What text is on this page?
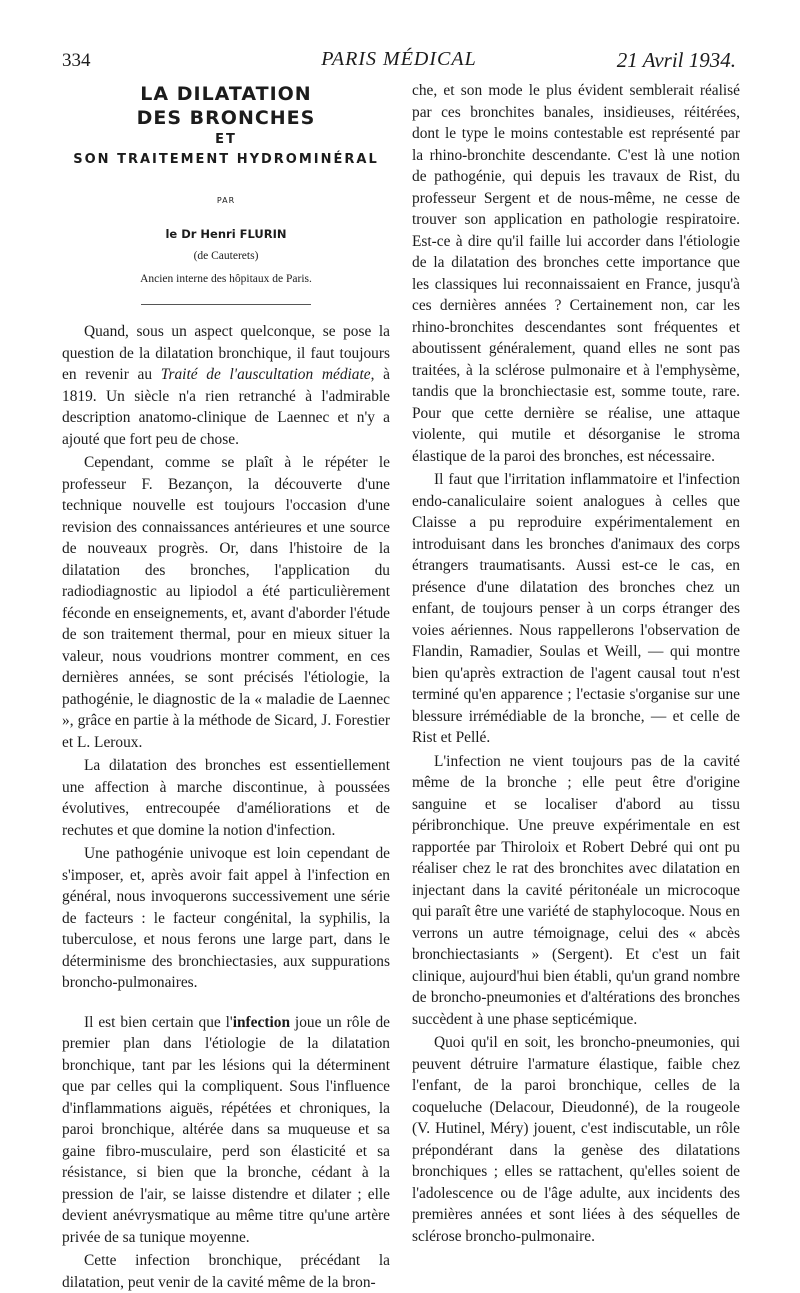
334	PARIS MÉDICAL	21 Avril 1934.
LA DILATATION
DES BRONCHES
ET
SON TRAITEMENT HYDROMINÉRAL
PAR
le Dr Henri FLURIN
(de Cauterets)
Ancien interne des hôpitaux de Paris.

Quand, sous un aspect quelconque, se pose la question de la dilatation bronchique, il faut toujours en revenir au Traité de l'auscultation médiate, à 1819. Un siècle n'a rien retranché à l'admirable description anatomo-clinique de Laennec et n'y a ajouté que fort peu de chose.

Cependant, comme se plaît à le répéter le professeur F. Bezançon, la découverte d'une technique nouvelle est toujours l'occasion d'une revision des connaissances antérieures et une source de nouveaux progrès. Or, dans l'histoire de la dilatation des bronches, l'application du radiodiagnostic au lipiodol a été particulièrement féconde en enseignements, et, avant d'aborder l'étude de son traitement thermal, pour en mieux situer la valeur, nous voudrions montrer comment, en ces dernières années, se sont précisés l'étiologie, la pathogénie, le diagnostic de la « maladie de Laennec », grâce en partie à la méthode de Sicard, J. Forestier et L. Leroux.

La dilatation des bronches est essentiellement une affection à marche discontinue, à poussées évolutives, entrecoupée d'améliorations et de rechutes et que domine la notion d'infection.

Une pathogénie univoque est loin cependant de s'imposer, et, après avoir fait appel à l'infection en général, nous invoquerons successivement une série de facteurs : le facteur congénital, la syphilis, la tuberculose, et nous ferons une large part, dans le déterminisme des bronchiectasies, aux suppurations broncho-pulmonaires.

Il est bien certain que l'infection joue un rôle de premier plan dans l'étiologie de la dilatation bronchique, tant par les lésions qui la déterminent que par celles qui la compliquent. Sous l'influence d'inflammations aiguës, répétées et chroniques, la paroi bronchique, altérée dans sa muqueuse et sa gaine fibro-musculaire, perd son élasticité et sa résistance, si bien que la bronche, cédant à la pression de l'air, se laisse distendre et dilater ; elle devient anévrysmatique au même titre qu'une artère privée de sa tunique moyenne.

Cette infection bronchique, précédant la dilatation, peut venir de la cavité même de la bron-

che, et son mode le plus évident semblerait réalisé par ces bronchites banales, insidieuses, réitérées, dont le type le moins contestable est représenté par la rhino-bronchite descendante. C'est là une notion de pathogénie, qui depuis les travaux de Rist, du professeur Sergent et de nous-même, ne cesse de trouver son application en pathologie respiratoire. Est-ce à dire qu'il faille lui accorder dans l'étiologie de la dilatation des bronches cette importance que les classiques lui reconnaissaient en France, jusqu'à ces dernières années ? Certainement non, car les rhino-bronchites descendantes sont fréquentes et aboutissent généralement, quand elles ne sont pas traitées, à la sclérose pulmonaire et à l'emphysème, tandis que la bronchiectasie est, somme toute, rare. Pour que cette dernière se réalise, une attaque violente, qui mutile et désorganise le stroma élastique de la paroi des bronches, est nécessaire.

Il faut que l'irritation inflammatoire et l'infection endo-canaliculaire soient analogues à celles que Claisse a pu reproduire expérimentalement en introduisant dans les bronches d'animaux des corps étrangers traumatisants. Aussi est-ce le cas, en présence d'une dilatation des bronches chez un enfant, de toujours penser à un corps étranger des voies aériennes. Nous rappellerons l'observation de Flandin, Ramadier, Soulas et Weill, — qui montre bien qu'après extraction de l'agent causal tout n'est terminé qu'en apparence ; l'ectasie s'organise sur une blessure irrémédiable de la bronche, — et celle de Rist et Pellé.

L'infection ne vient toujours pas de la cavité même de la bronche ; elle peut être d'origine sanguine et se localiser d'abord au tissu péribronchique. Une preuve expérimentale en est rapportée par Thiroloix et Robert Debré qui ont pu réaliser chez le rat des bronchites avec dilatation en injectant dans la cavité péritonéale un microcoque qui paraît être une variété de staphylocoque. Nous en verrons un autre témoignage, celui des « abcès bronchiectasiants » (Sergent). Et c'est un fait clinique, aujourd'hui bien établi, qu'un grand nombre de broncho-pneumonies et d'altérations des bronches succèdent à une phase septicémique.

Quoi qu'il en soit, les broncho-pneumonies, qui peuvent détruire l'armature élastique, faible chez l'enfant, de la paroi bronchique, celles de la coqueluche (Delacour, Dieudonné), de la rougeole (V. Hutinel, Méry) jouent, c'est indiscutable, un rôle prépondérant dans la genèse des dilatations bronchiques ; elles se rattachent, qu'elles soient de l'adolescence ou de l'âge adulte, aux incidents des premières années et sont liées à des séquelles de sclérose broncho-pulmonaire.
